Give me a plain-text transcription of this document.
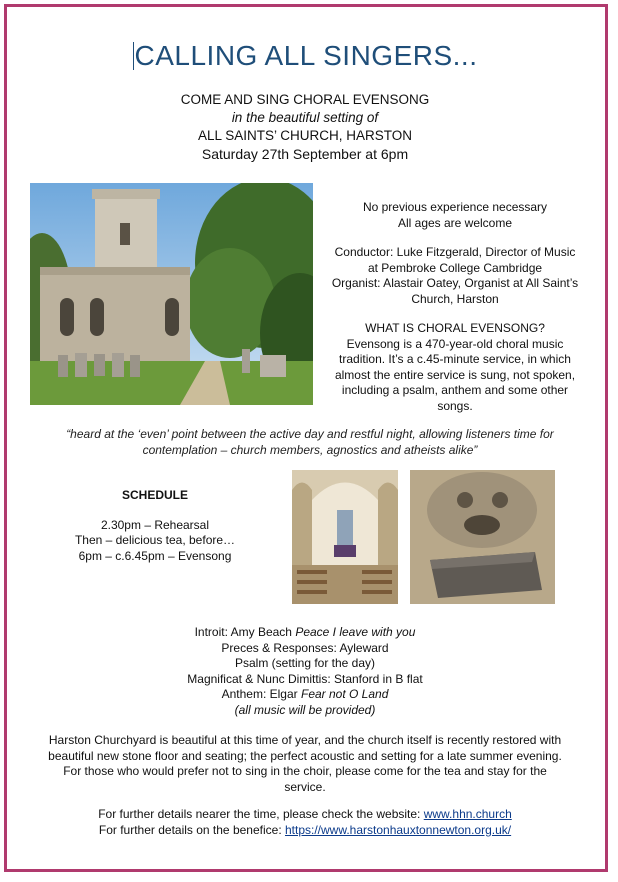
CALLING ALL SINGERS...
COME AND SING CHORAL EVENSONG
in the beautiful setting of
ALL SAINTS’ CHURCH, HARSTON
Saturday 27th September at 6pm
No previous experience necessary
All ages are welcome
Conductor: Luke Fitzgerald, Director of Music
at Pembroke College Cambridge
Organist: Alastair Oatey, Organist at All Saint’s
Church, Harston
WHAT IS CHORAL EVENSONG?
Evensong is a 470-year-old choral music
tradition. It’s a c.45-minute service, in which
almost the entire service is sung, not spoken,
including a psalm, anthem and some other
songs.
“heard at the ‘even’ point between the active day and restful night, allowing listeners time for
contemplation – church members, agnostics and atheists alike”
SCHEDULE
2.30pm – Rehearsal
Then – delicious tea, before…
6pm – c.6.45pm – Evensong
Introit: Amy Beach Peace I leave with you
Preces & Responses: Ayleward
Psalm (setting for the day)
Magnificat & Nunc Dimittis: Stanford in B flat
Anthem: Elgar Fear not O Land
(all music will be provided)
Harston Churchyard is beautiful at this time of year, and the church itself is recently restored with
beautiful new stone floor and seating; the perfect acoustic and setting for a late summer evening.
For those who would prefer not to sing in the choir, please come for the tea and stay for the
service.
For further details nearer the time, please check the website: www.hhn.church
For further details on the benefice: https://www.harstonhauxtonnewton.org.uk/
